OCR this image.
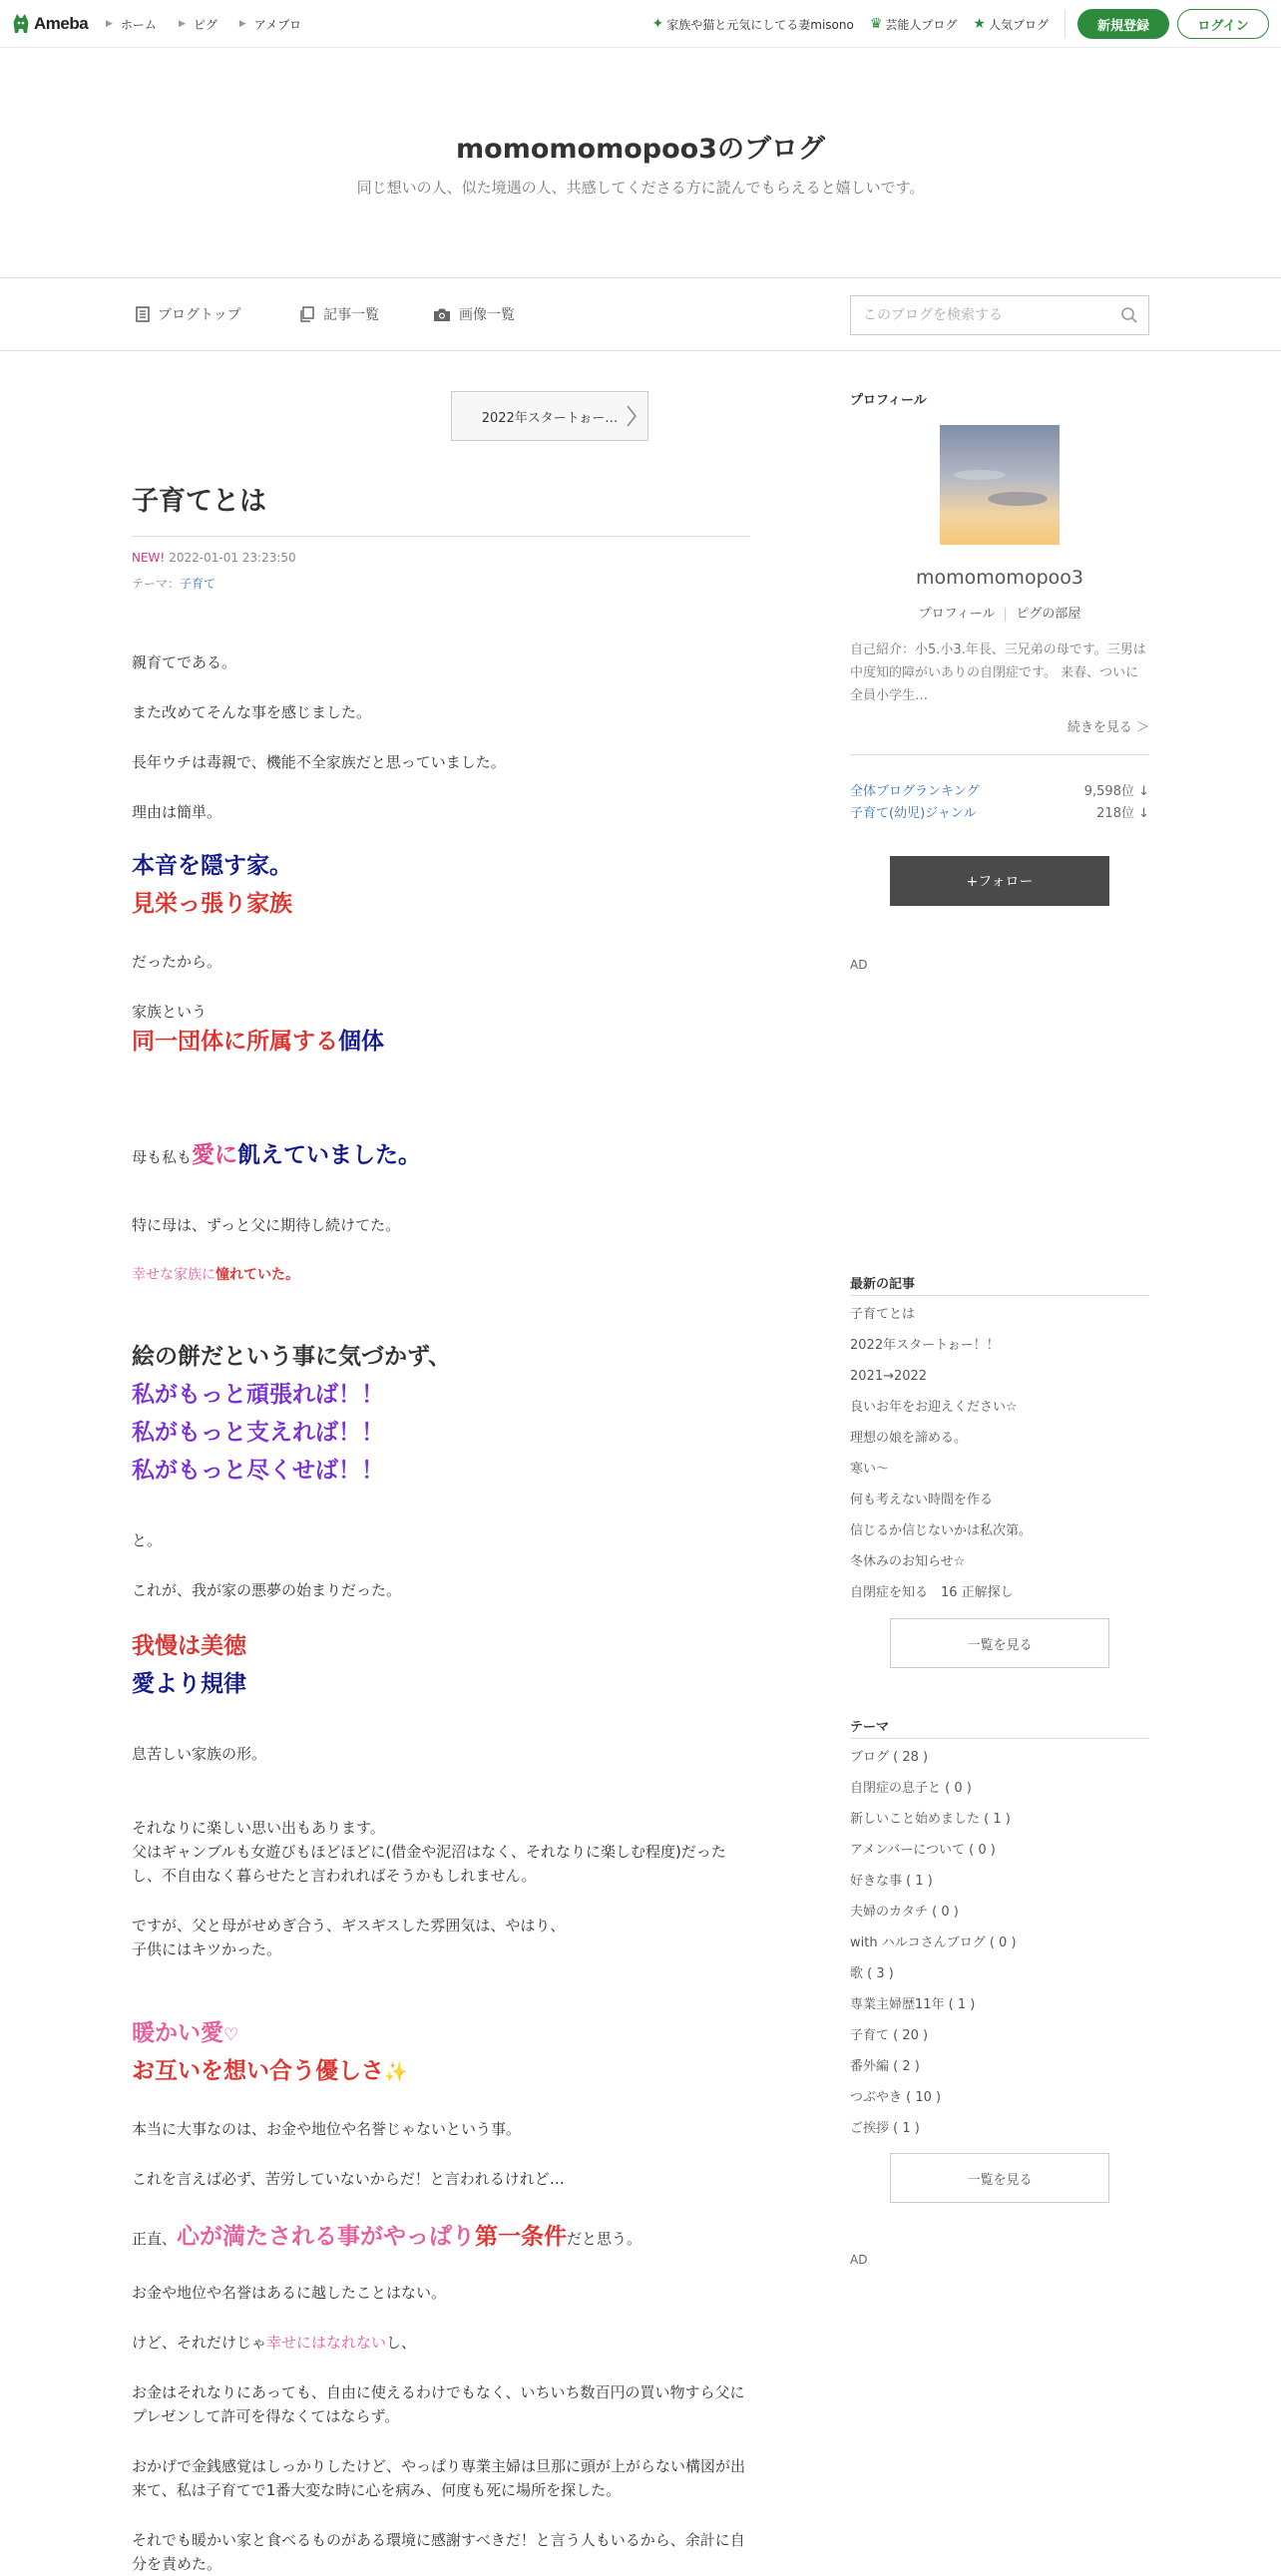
Ameba ▶ ホーム ▶ ピグ ▶ アメブロ	✦ 家族や猫と元気にしてる妻misono ♛ 芸能人ブログ ★ 人気ブログ	新規登録	ログイン
momomomopoo3のブログ

同じ想いの人、似た境遇の人、共感してくださる方に読んでもらえると嬉しいです。

ブログトップ	記事一覧	画像一覧
このブログを検索する
2022年スタートぉー…
子育てとは
NEW! 2022-01-01 23:23:50
テーマ：子育て
親育てである。
また改めてそんな事を感じました。
長年ウチは毒親で、機能不全家族だと思っていました。
理由は簡単。
本音を隠す家。
見栄っ張り家族
だったから。
家族という
同一団体に所属する個体
母も私も愛に飢えていました。
特に母は、ずっと父に期待し続けてた。
幸せな家族に憧れていた。
絵の餅だという事に気づかず、
私がもっと頑張れば！！
私がもっと支えれば！！
私がもっと尽くせば！！
と。
これが、我が家の悪夢の始まりだった。
我慢は美徳
愛より規律
息苦しい家族の形。
それなりに楽しい思い出もあります。
父はギャンブルも女遊びもほどほどに(借金や泥沼はなく、それなりに楽しむ程度)だったし、不自由なく暮らせたと言われればそうかもしれません。
ですが、父と母がせめぎ合う、ギスギスした雰囲気は、やはり、
子供にはキツかった。
暖かい愛♡
お互いを想い合う優しさ✨
本当に大事なのは、お金や地位や名誉じゃないという事。
これを言えば必ず、苦労していないからだ！と言われるけれど…
正直、心が満たされる事がやっぱり第一条件だと思う。
お金や地位や名誉はあるに越したことはない。
けど、それだけじゃ幸せにはなれないし、
お金はそれなりにあっても、自由に使えるわけでもなく、いちいち数百円の買い物すら父にプレゼンして許可を得なくてはならず。
おかげで金銭感覚はしっかりしたけど、やっぱり専業主婦は旦那に頭が上がらない構図が出来て、私は子育てで1番大変な時に心を病み、何度も死に場所を探した。
それでも暖かい家と食べるものがある環境に感謝すべきだ！と言う人もいるから、余計に自分を責めた。
プロフィール
momomomopoo3
プロフィール ピグの部屋
自己紹介：小5.小3.年長、三兄弟の母です。三男は中度知的障がいありの自閉症です。 来春、ついに全員小学生…
続きを見る ＞
全体ブログランキング	9,598位 ↓
子育て(幼児)ジャンル	218位 ↓
+フォロー
AD
最新の記事
子育てとは
2022年スタートぉー！！
2021→2022
良いお年をお迎えください☆
理想の娘を諦める。
寒い〜
何も考えない時間を作る
信じるか信じないかは私次第。
冬休みのお知らせ☆
自閉症を知る　16 正解探し
一覧を見る
テーマ
ブログ ( 28 )
自閉症の息子と ( 0 )
新しいこと始めました ( 1 )
アメンバーについて ( 0 )
好きな事 ( 1 )
夫婦のカタチ ( 0 )
with ハルコさんブログ ( 0 )
歌 ( 3 )
専業主婦歴11年 ( 1 )
子育て ( 20 )
番外編 ( 2 )
つぶやき ( 10 )
ご挨拶 ( 1 )
一覧を見る
AD
